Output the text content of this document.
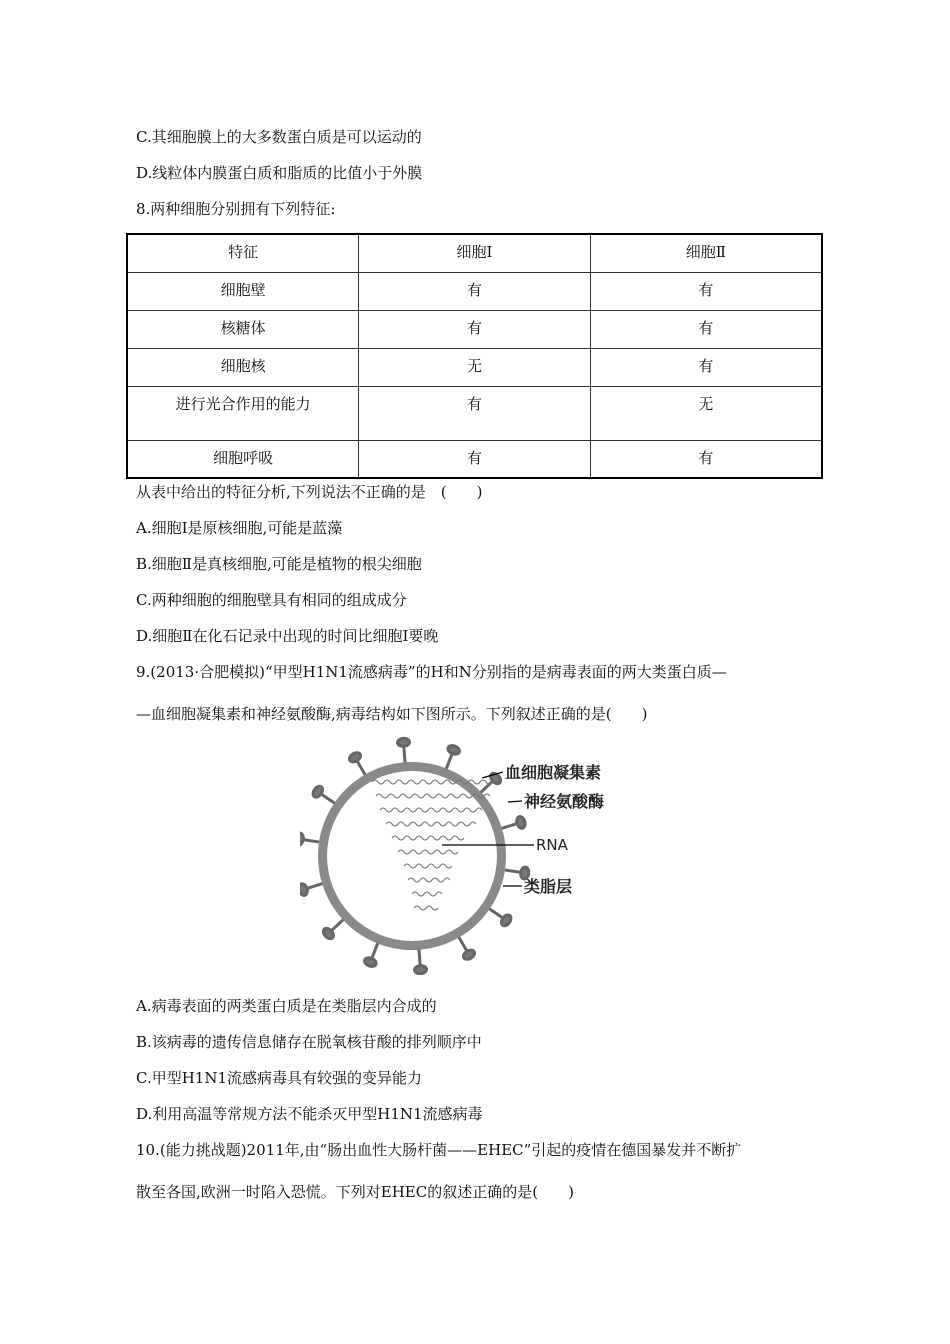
C.其细胞膜上的大多数蛋白质是可以运动的
D.线粒体内膜蛋白质和脂质的比值小于外膜
8.两种细胞分别拥有下列特征:
特征	细胞Ⅰ	细胞Ⅱ
细胞壁	有	有
核糖体	有	有
细胞核	无	有
进行光合作用的能力	有	无
细胞呼吸	有	有
从表中给出的特征分析,下列说法不正确的是　(　　)
A.细胞Ⅰ是原核细胞,可能是蓝藻
B.细胞Ⅱ是真核细胞,可能是植物的根尖细胞
C.两种细胞的细胞壁具有相同的组成成分
D.细胞Ⅱ在化石记录中出现的时间比细胞Ⅰ要晚
9.(2013·合肥模拟)“甲型H1N1流感病毒”的H和N分别指的是病毒表面的两大类蛋白质—
—血细胞凝集素和神经氨酸酶,病毒结构如下图所示。下列叙述正确的是(　　)
血细胞凝集素
神经氨酸酶
RNA
类脂层
A.病毒表面的两类蛋白质是在类脂层内合成的
B.该病毒的遗传信息储存在脱氧核苷酸的排列顺序中
C.甲型H1N1流感病毒具有较强的变异能力
D.利用高温等常规方法不能杀灭甲型H1N1流感病毒
10.(能力挑战题)2011年,由“肠出血性大肠杆菌——EHEC”引起的疫情在德国暴发并不断扩
散至各国,欧洲一时陷入恐慌。下列对EHEC的叙述正确的是(　　)
